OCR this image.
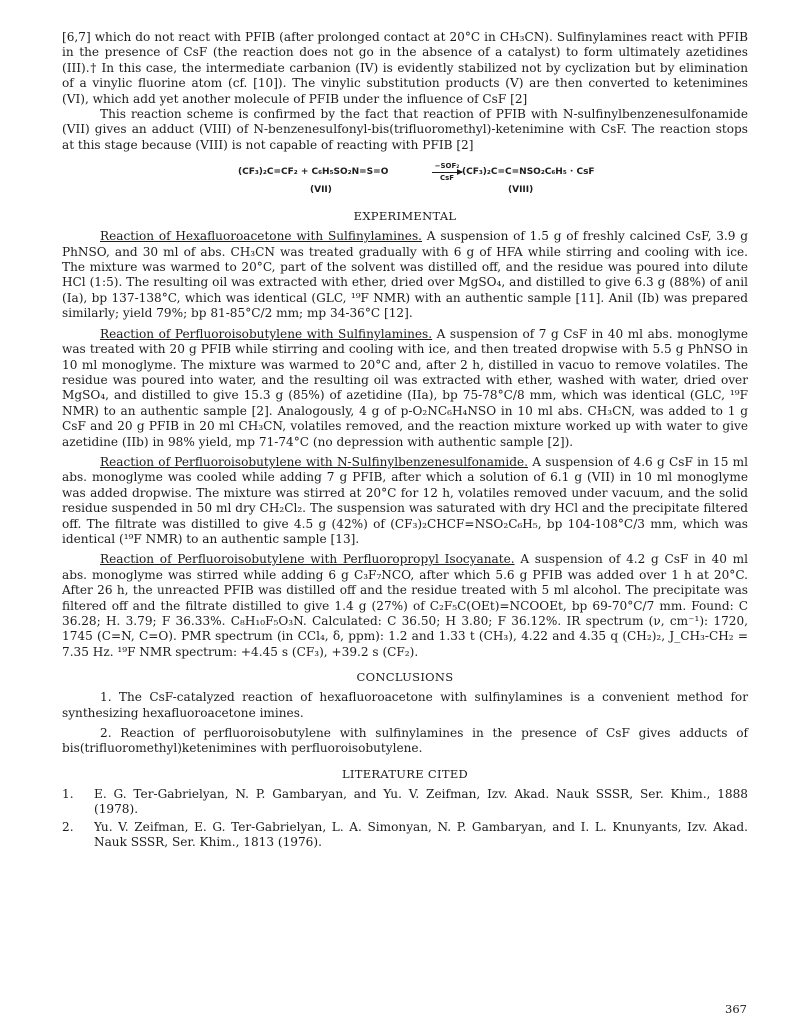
[6,7] which do not react with PFIB (after prolonged contact at 20°C in CH₃CN). Sulfinylamines react with PFIB in the presence of CsF (the reaction does not go in the absence of a catalyst) to form ultimately azetidines (III).† In this case, the intermediate carbanion (IV) is evidently stabilized not by cyclization but by elimination of a vinylic fluorine atom (cf. [10]). The vinylic substitution products (V) are then converted to ketenimines (VI), which add yet another molecule of PFIB under the influence of CsF [2]

This reaction scheme is confirmed by the fact that reaction of PFIB with N-sulfinylbenzenesulfonamide (VII) gives an adduct (VIII) of N-benzenesulfonyl-bis(trifluoromethyl)-ketenimine with CsF. The reaction stops at this stage because (VIII) is not capable of reacting with PFIB [2]

(CF₃)₂C=CF₂ + C₆H₅SO₂N=S=O
−SOF₂
CsF
(CF₃)₂C=C=NSO₂C₆H₅ · CsF
(VII)	(VIII)
EXPERIMENTAL

Reaction of Hexafluoroacetone with Sulfinylamines. A suspension of 1.5 g of freshly calcined CsF, 3.9 g PhNSO, and 30 ml of abs. CH₃CN was treated gradually with 6 g of HFA while stirring and cooling with ice. The mixture was warmed to 20°C, part of the solvent was distilled off, and the residue was poured into dilute HCl (1:5). The resulting oil was extracted with ether, dried over MgSO₄, and distilled to give 6.3 g (88%) of anil (Ia), bp 137-138°C, which was identical (GLC, ¹⁹F NMR) with an authentic sample [11]. Anil (Ib) was prepared similarly; yield 79%; bp 81-85°C/2 mm; mp 34-36°C [12].

Reaction of Perfluoroisobutylene with Sulfinylamines. A suspension of 7 g CsF in 40 ml abs. monoglyme was treated with 20 g PFIB while stirring and cooling with ice, and then treated dropwise with 5.5 g PhNSO in 10 ml monoglyme. The mixture was warmed to 20°C and, after 2 h, distilled in vacuo to remove volatiles. The residue was poured into water, and the resulting oil was extracted with ether, washed with water, dried over MgSO₄, and distilled to give 15.3 g (85%) of azetidine (IIa), bp 75-78°C/8 mm, which was identical (GLC, ¹⁹F NMR) to an authentic sample [2]. Analogously, 4 g of p-O₂NC₆H₄NSO in 10 ml abs. CH₃CN, was added to 1 g CsF and 20 g PFIB in 20 ml CH₃CN, volatiles removed, and the reaction mixture worked up with water to give azetidine (IIb) in 98% yield, mp 71-74°C (no depression with authentic sample [2]).

Reaction of Perfluoroisobutylene with N-Sulfinylbenzenesulfonamide. A suspension of 4.6 g CsF in 15 ml abs. monoglyme was cooled while adding 7 g PFIB, after which a solution of 6.1 g (VII) in 10 ml monoglyme was added dropwise. The mixture was stirred at 20°C for 12 h, volatiles removed under vacuum, and the solid residue suspended in 50 ml dry CH₂Cl₂. The suspension was saturated with dry HCl and the precipitate filtered off. The filtrate was distilled to give 4.5 g (42%) of (CF₃)₂CHCF=NSO₂C₆H₅, bp 104-108°C/3 mm, which was identical (¹⁹F NMR) to an authentic sample [13].

Reaction of Perfluoroisobutylene with Perfluoropropyl Isocyanate. A suspension of 4.2 g CsF in 40 ml abs. monoglyme was stirred while adding 6 g C₃F₇NCO, after which 5.6 g PFIB was added over 1 h at 20°C. After 26 h, the unreacted PFIB was distilled off and the residue treated with 5 ml alcohol. The precipitate was filtered off and the filtrate distilled to give 1.4 g (27%) of C₂F₅C(OEt)=NCOOEt, bp 69-70°C/7 mm. Found: C 36.28; H. 3.79; F 36.33%. C₈H₁₀F₅O₃N. Calculated: C 36.50; H 3.80; F 36.12%. IR spectrum (ν, cm⁻¹): 1720, 1745 (C=N, C=O). PMR spectrum (in CCl₄, δ, ppm): 1.2 and 1.33 t (CH₃), 4.22 and 4.35 q (CH₂)₂, J_CH₃-CH₂ = 7.35 Hz. ¹⁹F NMR spectrum: +4.45 s (CF₃), +39.2 s (CF₂).

CONCLUSIONS

1. The CsF-catalyzed reaction of hexafluoroacetone with sulfinylamines is a convenient method for synthesizing hexafluoroacetone imines.

2. Reaction of perfluoroisobutylene with sulfinylamines in the presence of CsF gives adducts of bis(trifluoromethyl)ketenimines with perfluoroisobutylene.

LITERATURE CITED
1. E. G. Ter-Gabrielyan, N. P. Gambaryan, and Yu. V. Zeifman, Izv. Akad. Nauk SSSR, Ser. Khim., 1888 (1978).
2. Yu. V. Zeifman, E. G. Ter-Gabrielyan, L. A. Simonyan, N. P. Gambaryan, and I. L. Knunyants, Izv. Akad. Nauk SSSR, Ser. Khim., 1813 (1976).
367
